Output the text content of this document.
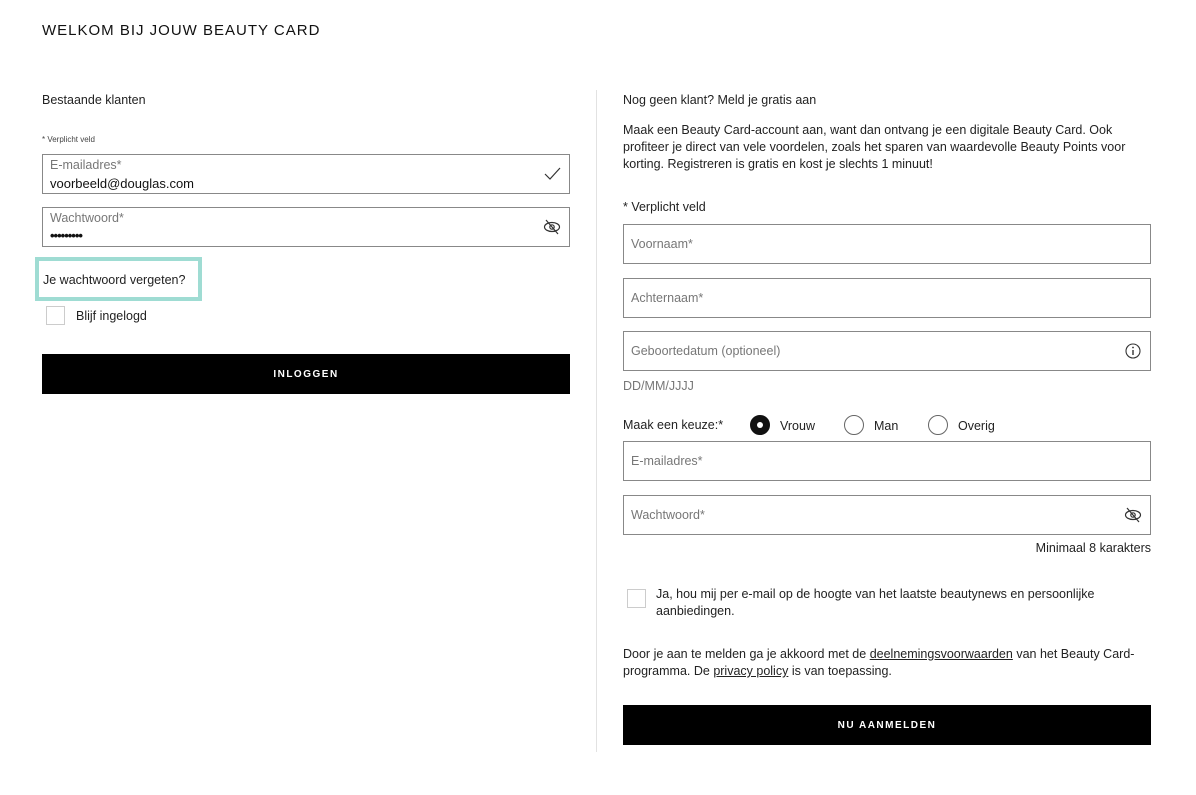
WELKOM BIJ JOUW BEAUTY CARD
Bestaande klanten
* Verplicht veld
E-mailadres*
voorbeeld@douglas.com
Wachtwoord*
•••••••••
Je wachtwoord vergeten?
Blijf ingelogd
INLOGGEN
Nog geen klant? Meld je gratis aan
Maak een Beauty Card-account aan, want dan ontvang je een digitale Beauty Card. Ook profiteer je direct van vele voordelen, zoals het sparen van waardevolle Beauty Points voor korting. Registreren is gratis en kost je slechts 1 minuut!
* Verplicht veld
Voornaam*
Achternaam*
Geboortedatum (optioneel)
DD/MM/JJJJ
Maak een keuze:*	Vrouw	Man	Overig
E-mailadres*
Wachtwoord*
Minimaal 8 karakters
Ja, hou mij per e-mail op de hoogte van het laatste beautynews en persoonlijke aanbiedingen.
Door je aan te melden ga je akkoord met de deelnemingsvoorwaarden van het Beauty Card-programma. De privacy policy is van toepassing.
NU AANMELDEN
